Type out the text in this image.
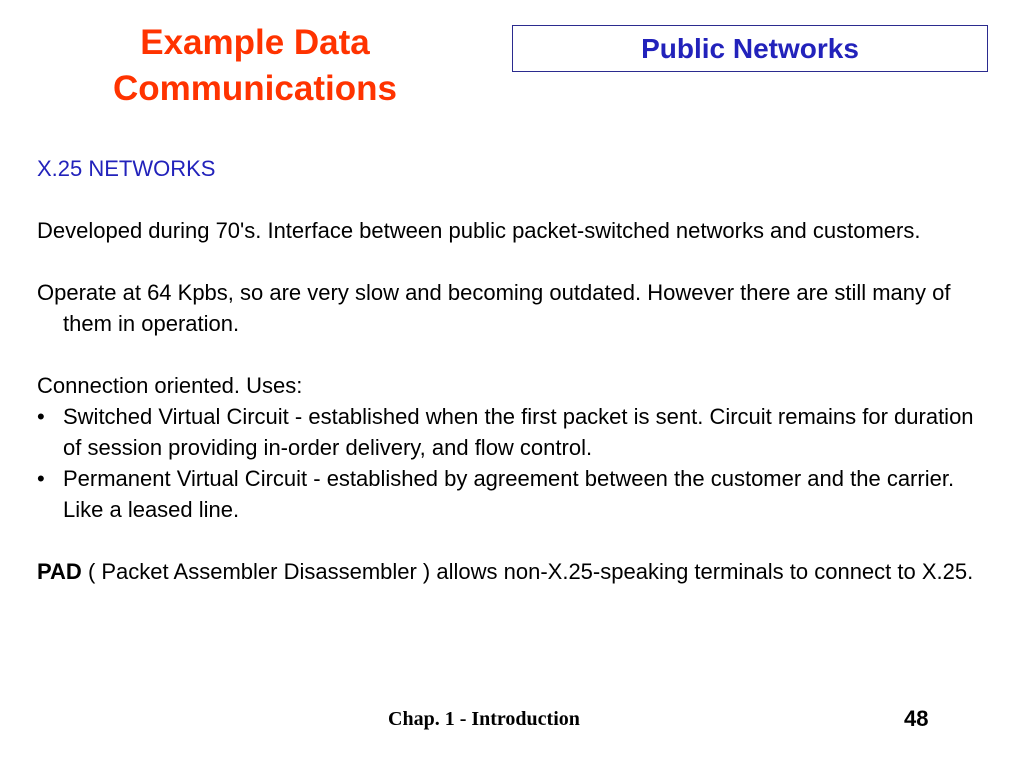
Example Data
Communications
Public Networks

X.25 NETWORKS

Developed during 70's. Interface between public packet-switched networks and customers.

Operate at 64 Kpbs, so are very slow and becoming outdated. However there are still many of them in operation.

Connection oriented. Uses:

• Switched Virtual Circuit - established when the first packet is sent. Circuit remains for duration of session providing in-order delivery, and flow control.
• Permanent Virtual Circuit - established by agreement between the customer and the carrier. Like a leased line.

PAD ( Packet Assembler Disassembler ) allows non-X.25-speaking terminals to connect to X.25.

Chap. 1 - Introduction	48
